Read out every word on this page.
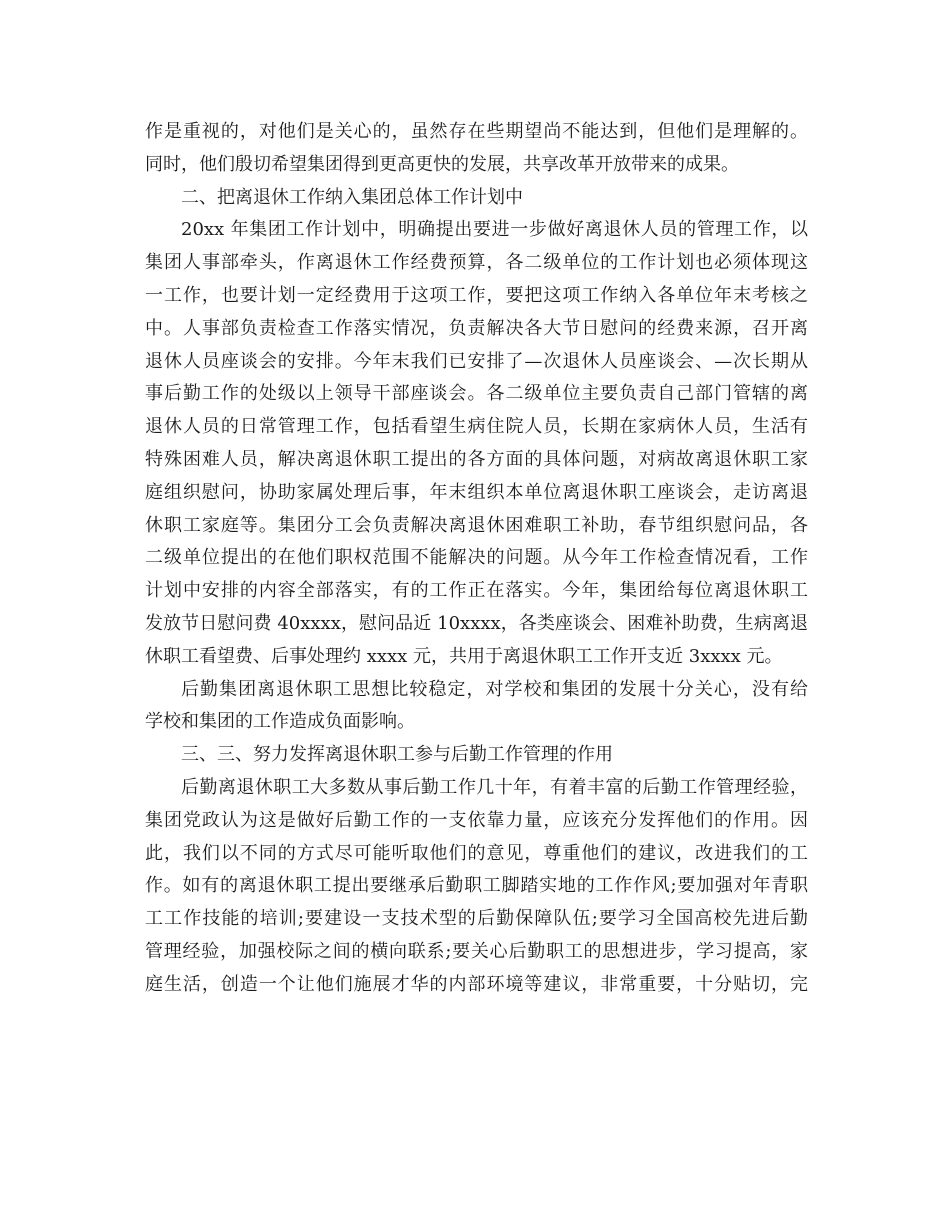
作是重视的，对他们是关心的，虽然存在些期望尚不能达到，但他们是理解的。
同时，他们殷切希望集团得到更高更快的发展，共享改革开放带来的成果。
二、把离退休工作纳入集团总体工作计划中
20xx 年集团工作计划中，明确提出要进一步做好离退休人员的管理工作，以
集团人事部牵头，作离退休工作经费预算，各二级单位的工作计划也必须体现这
一工作，也要计划一定经费用于这项工作，要把这项工作纳入各单位年末考核之
中。人事部负责检查工作落实情况，负责解决各大节日慰问的经费来源，召开离
退休人员座谈会的安排。今年末我们已安排了—次退休人员座谈会、—次长期从
事后勤工作的处级以上领导干部座谈会。各二级单位主要负责自己部门管辖的离
退休人员的日常管理工作，包括看望生病住院人员，长期在家病休人员，生活有
特殊困难人员，解决离退休职工提出的各方面的具体问题，对病故离退休职工家
庭组织慰问，协助家属处理后事，年末组织本单位离退休职工座谈会，走访离退
休职工家庭等。集团分工会负责解决离退休困难职工补助，春节组织慰问品，各
二级单位提出的在他们职权范围不能解决的问题。从今年工作检查情况看，工作
计划中安排的内容全部落实，有的工作正在落实。今年，集团给每位离退休职工
发放节日慰问费 40xxxx，慰问品近 10xxxx，各类座谈会、困难补助费，生病离退
休职工看望费、后事处理约 xxxx 元，共用于离退休职工工作开支近 3xxxx 元。
后勤集团离退休职工思想比较稳定，对学校和集团的发展十分关心，没有给
学校和集团的工作造成负面影响。
三、三、努力发挥离退休职工参与后勤工作管理的作用
后勤离退休职工大多数从事后勤工作几十年，有着丰富的后勤工作管理经验，
集团党政认为这是做好后勤工作的一支依靠力量，应该充分发挥他们的作用。因
此，我们以不同的方式尽可能听取他们的意见，尊重他们的建议，改进我们的工
作。如有的离退休职工提出要继承后勤职工脚踏实地的工作作风;要加强对年青职
工工作技能的培训;要建设一支技术型的后勤保障队伍;要学习全国高校先进后勤
管理经验，加强校际之间的横向联系;要关心后勤职工的思想进步，学习提高，家
庭生活，创造一个让他们施展才华的内部环境等建议，非常重要，十分贴切，完
